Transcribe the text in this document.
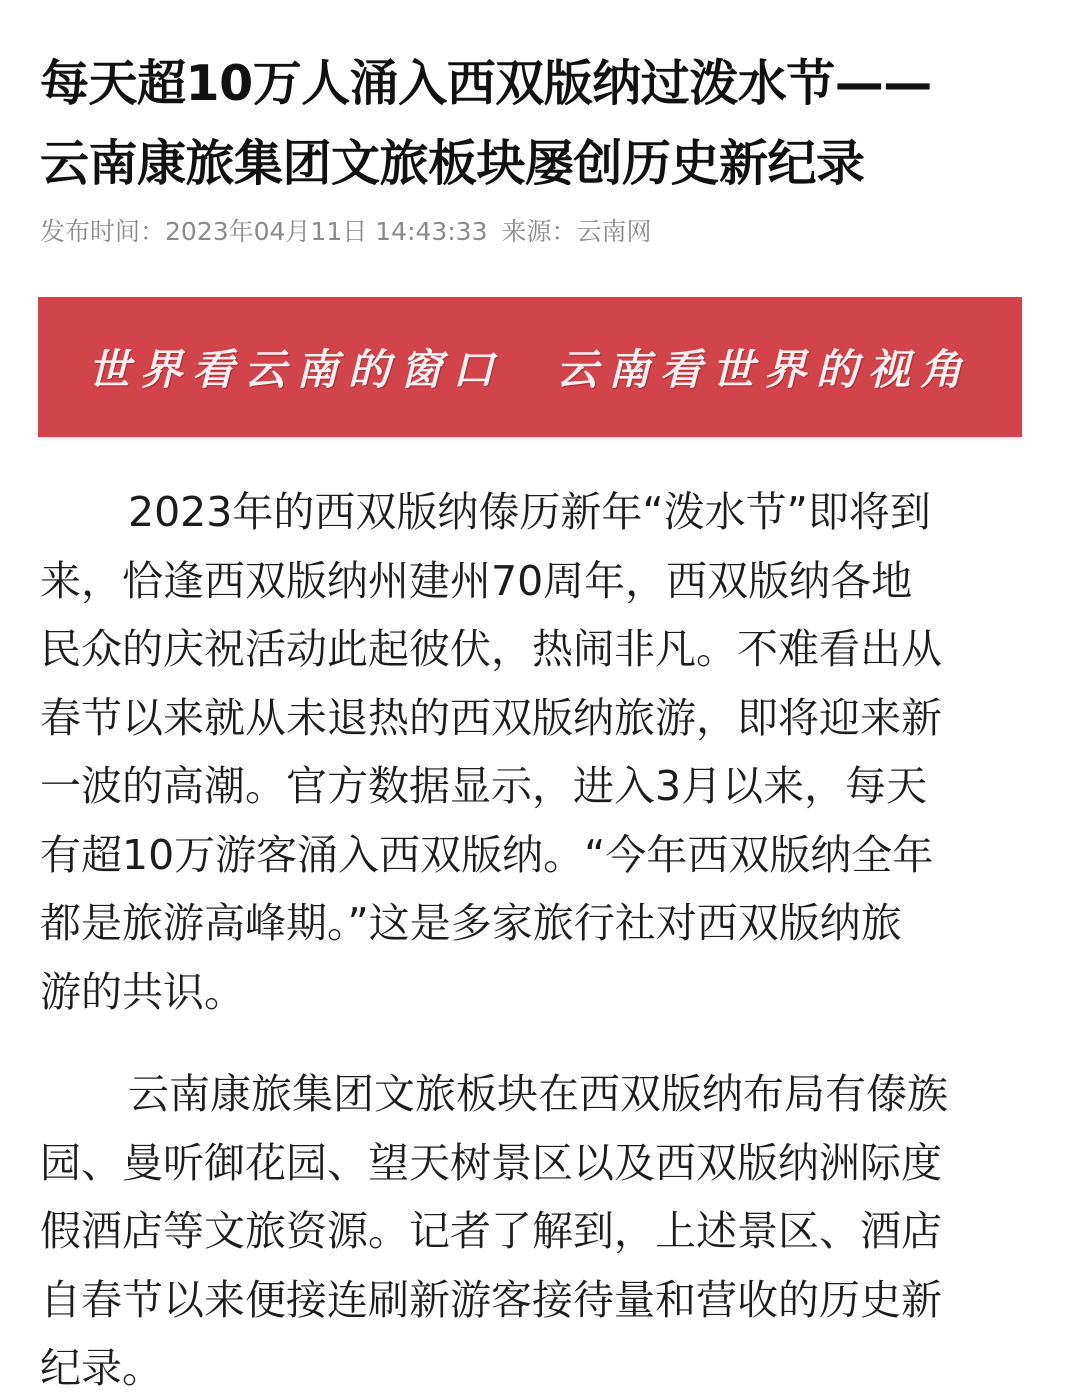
每天超10万人涌入西双版纳过泼水节——
云南康旅集团文旅板块屡创历史新纪录
发布时间：2023年04月11日 14:43:33 来源：云南网
世界看云南的窗口 云南看世界的视角
2023年的西双版纳傣历新年“泼水节”即将到
来，恰逢西双版纳州建州70周年，西双版纳各地
民众的庆祝活动此起彼伏，热闹非凡。不难看出从
春节以来就从未退热的西双版纳旅游，即将迎来新
一波的高潮。官方数据显示，进入3月以来，每天
有超10万游客涌入西双版纳。“今年西双版纳全年
都是旅游高峰期。”这是多家旅行社对西双版纳旅
游的共识。
云南康旅集团文旅板块在西双版纳布局有傣族
园、曼听御花园、望天树景区以及西双版纳洲际度
假酒店等文旅资源。记者了解到，上述景区、酒店
自春节以来便接连刷新游客接待量和营收的历史新
纪录。
